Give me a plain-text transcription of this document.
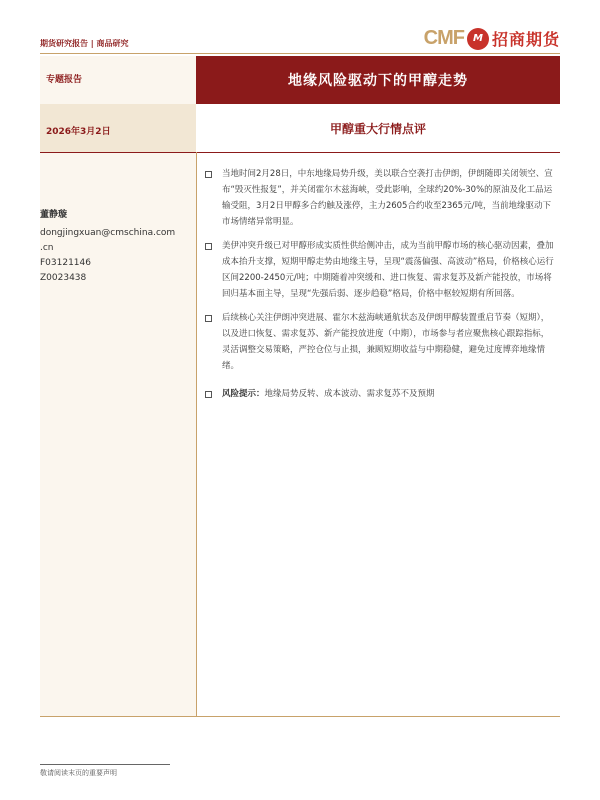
期货研究报告 | 商品研究	CMF M 招商期货
专题报告
2026年3月2日
地缘风险驱动下的甲醇走势
甲醇重大行情点评
董静璇
dongjingxuan@cmschina.com
.cn
F03121146
Z0023438
当地时间2月28日，中东地缘局势升级，美以联合空袭打击伊朗，伊朗随即关闭领空、宣布“毁灭性报复”，并关闭霍尔木兹海峡，受此影响，全球约20%-30%的原油及化工品运输受阻，3月2日甲醇多合约触及涨停，主力2605合约收至2365元/吨，当前地缘驱动下市场情绪异常明显。
美伊冲突升级已对甲醇形成实质性供给侧冲击，成为当前甲醇市场的核心驱动因素，叠加成本抬升支撑，短期甲醇走势由地缘主导，呈现“震荡偏强、高波动”格局，价格核心运行区间2200-2450元/吨；中期随着冲突缓和、进口恢复、需求复苏及新产能投放，市场将回归基本面主导，呈现“先强后弱、逐步趋稳”格局，价格中枢较短期有所回落。
后续核心关注伊朗冲突进展、霍尔木兹海峡通航状态及伊朗甲醇装置重启节奏（短期），以及进口恢复、需求复苏、新产能投放进度（中期），市场参与者应聚焦核心跟踪指标，灵活调整交易策略，严控仓位与止损，兼顾短期收益与中期稳健，避免过度博弈地缘情绪。
风险提示：地缘局势反转、成本波动、需求复苏不及预期
敬请阅读末页的重要声明
